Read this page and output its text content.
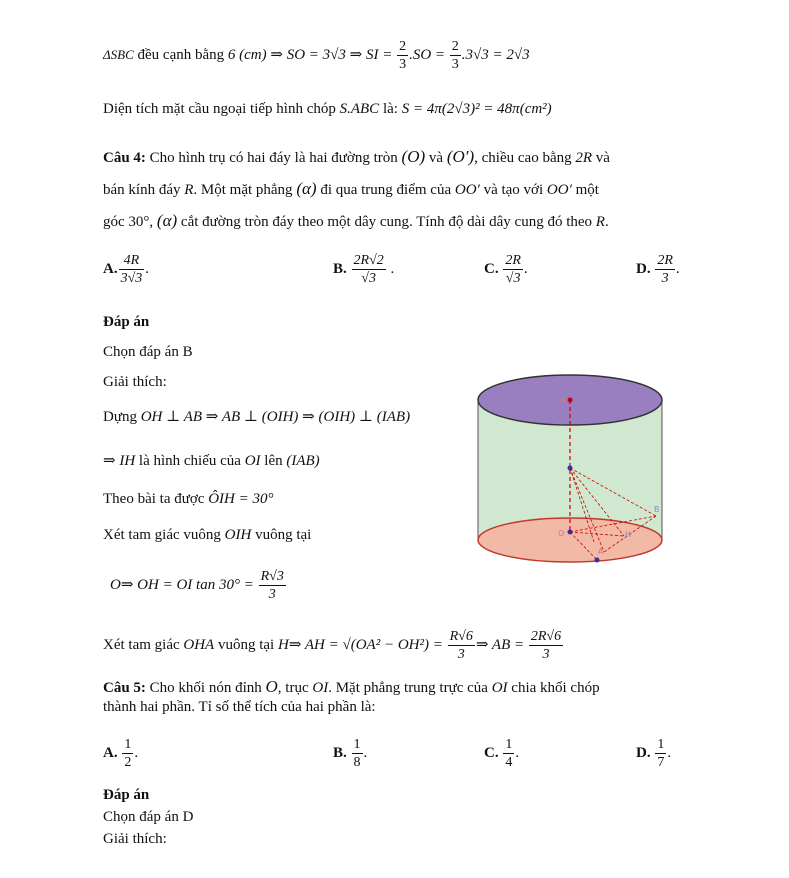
ΔSBC đều cạnh bằng 6 (cm) ⇒ SO = 3√3 ⇒ SI = $\frac{2}{3} .SO = \frac{2}{3} .3√3 = 2√3$
Diện tích mặt cầu ngoại tiếp hình chóp S.ABC là: S = 4π(2√3)² = 48π(cm²)
Câu 4: Cho hình trụ có hai đáy là hai đường tròn (O) và (O′), chiều cao bằng 2R và
bán kính đáy R. Một mặt phẳng (α) đi qua trung điểm của OO′ và tạo với OO′ một
góc 30°, (α) cắt đường tròn đáy theo một dây cung. Tính độ dài dây cung đó theo R.
A. $\frac{4R}{3√3}$ .	B. $\frac{2R√2}{√3}$ .	C. $\frac{2R}{√3}$ .	D. $\frac{2R}{3}$ .
Đáp án
Chọn đáp án B
Giải thích:
Dựng OH ⊥ AB ⇒ AB ⊥ (OIH) ⇒ (OIH) ⊥ (IAB)
⇒ IH là hình chiếu của OI lên (IAB)
Theo bài ta được ÔIH = 30°
Xét tam giác vuông OIH vuông tại
O⇒ OH = OI $\tan 30^\circ = \frac{R√3}{3}$
Xét tam giác OHA vuông tại H⇒ AH = $√(OA^2 - OH^2) = \frac{R√6}{3}$ ⇒ AB = $\frac{2R√6}{3}$
O'
O
A
B
H
Câu 5: Cho khối nón đỉnh O, trục OI. Mặt phẳng trung trực của OI chia khối chóp
thành hai phần. Tỉ số thể tích của hai phần là:
A. $\frac{1}{2}$ .	B. $\frac{1}{8}$ .	C. $\frac{1}{4}$ .	D. $\frac{1}{7}$ .
Đáp án
Chọn đáp án D
Giải thích:
